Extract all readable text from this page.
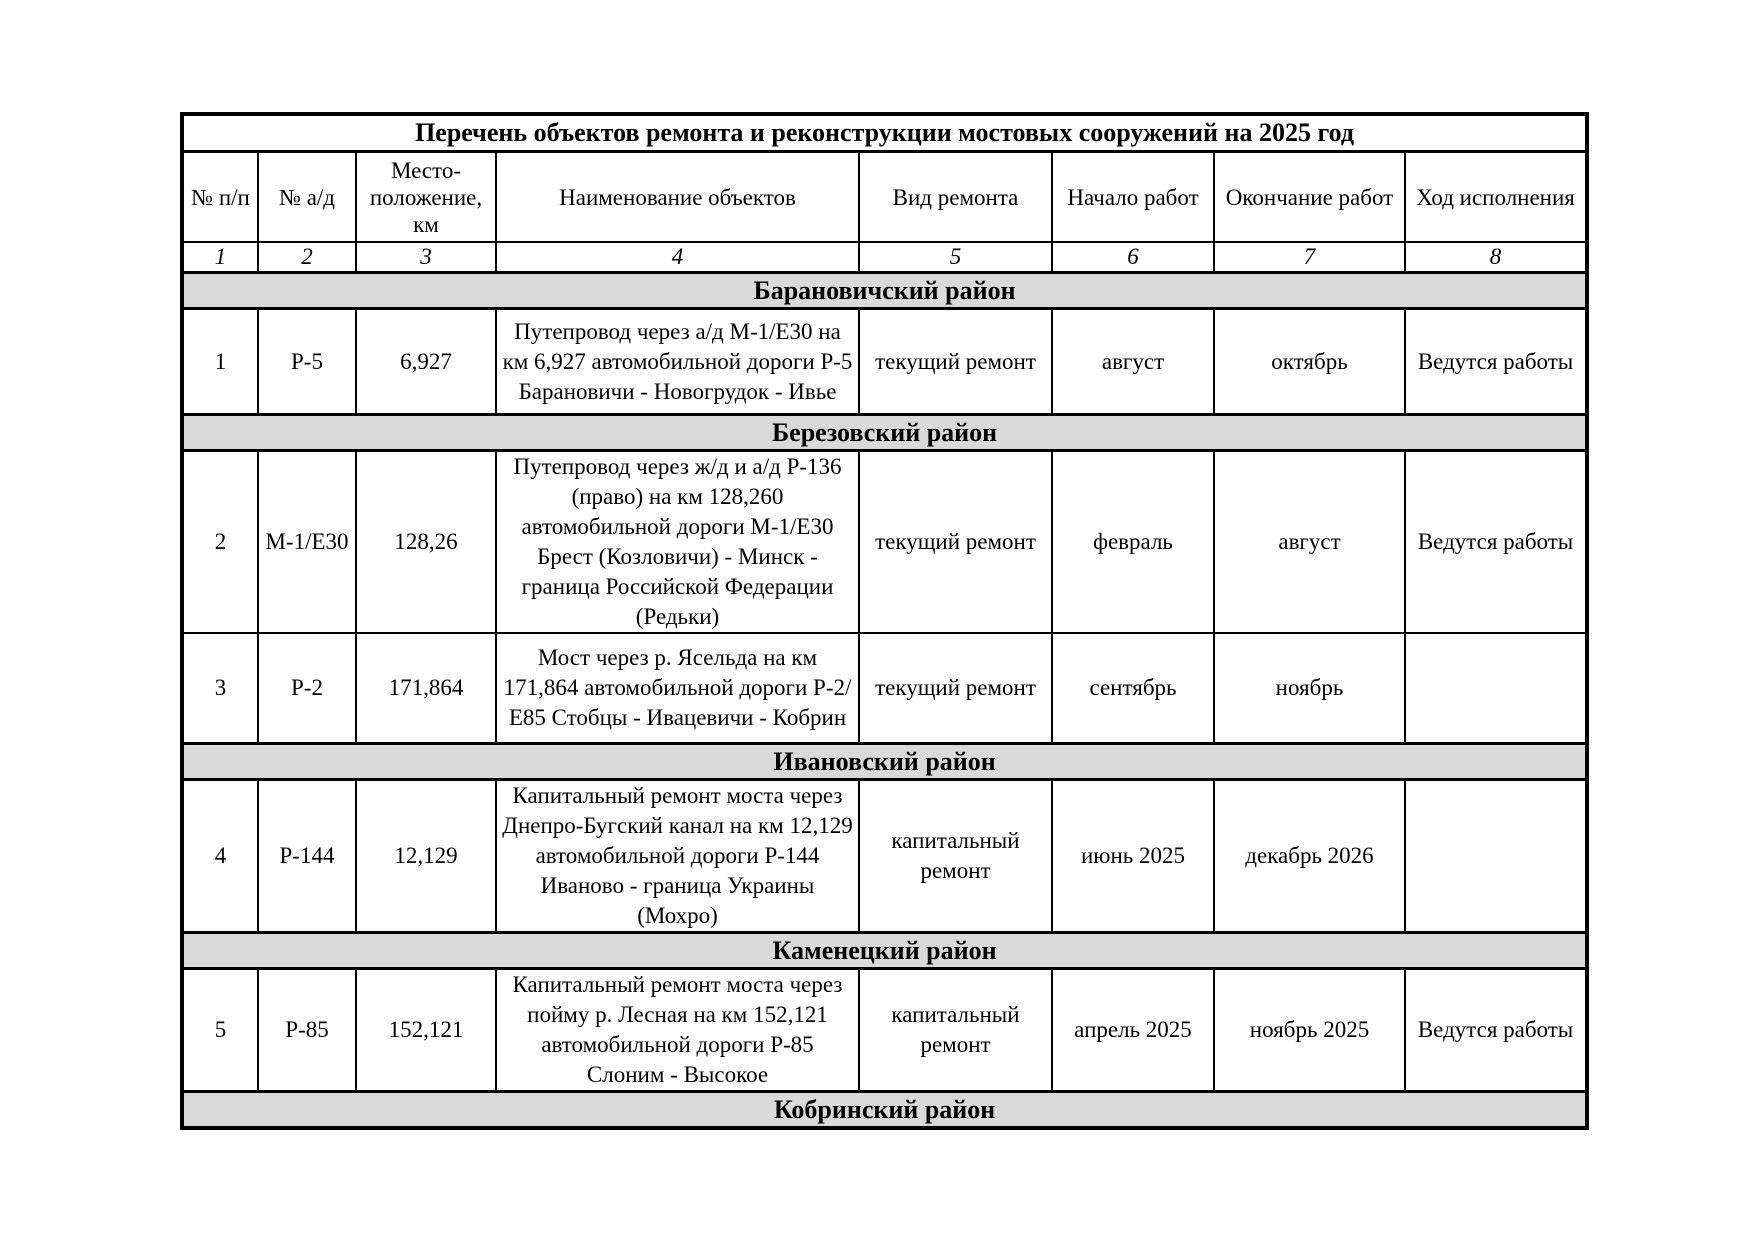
Перечень объектов ремонта и реконструкции мостовых сооружений на 2025 год							
№ п/п	№ а/д	Место-положение, км	Наименование объектов	Вид ремонта	Начало работ	Окончание работ	Ход исполнения
1	2	3	4	5	6	7	8
Барановичский район							
1	Р-5	6,927	Путепровод через а/д М-1/Е30 на км 6,927 автомобильной дороги Р-5 Барановичи - Новогрудок - Ивье	текущий ремонт	август	октябрь	Ведутся работы
Березовский район							
2	М-1/Е30	128,26	Путепровод через ж/д и а/д Р-136 (право) на км 128,260 автомобильной дороги М-1/Е30 Брест (Козловичи) - Минск - граница Российской Федерации (Редьки)	текущий ремонт	февраль	август	Ведутся работы
3	Р-2	171,864	Мост через р. Ясельда на км 171,864 автомобильной дороги Р-2/Е85 Стобцы - Ивацевичи - Кобрин	текущий ремонт	сентябрь	ноябрь	
Ивановский район							
4	Р-144	12,129	Капитальный ремонт моста через Днепро-Бугский канал на км 12,129 автомобильной дороги Р-144 Иваново - граница Украины (Мохро)	капитальный ремонт	июнь 2025	декабрь 2026	
Каменецкий район							
5	Р-85	152,121	Капитальный ремонт моста через пойму р. Лесная на км 152,121 автомобильной дороги Р-85 Слоним - Высокое	капитальный ремонт	апрель 2025	ноябрь 2025	Ведутся работы
Кобринский район							
